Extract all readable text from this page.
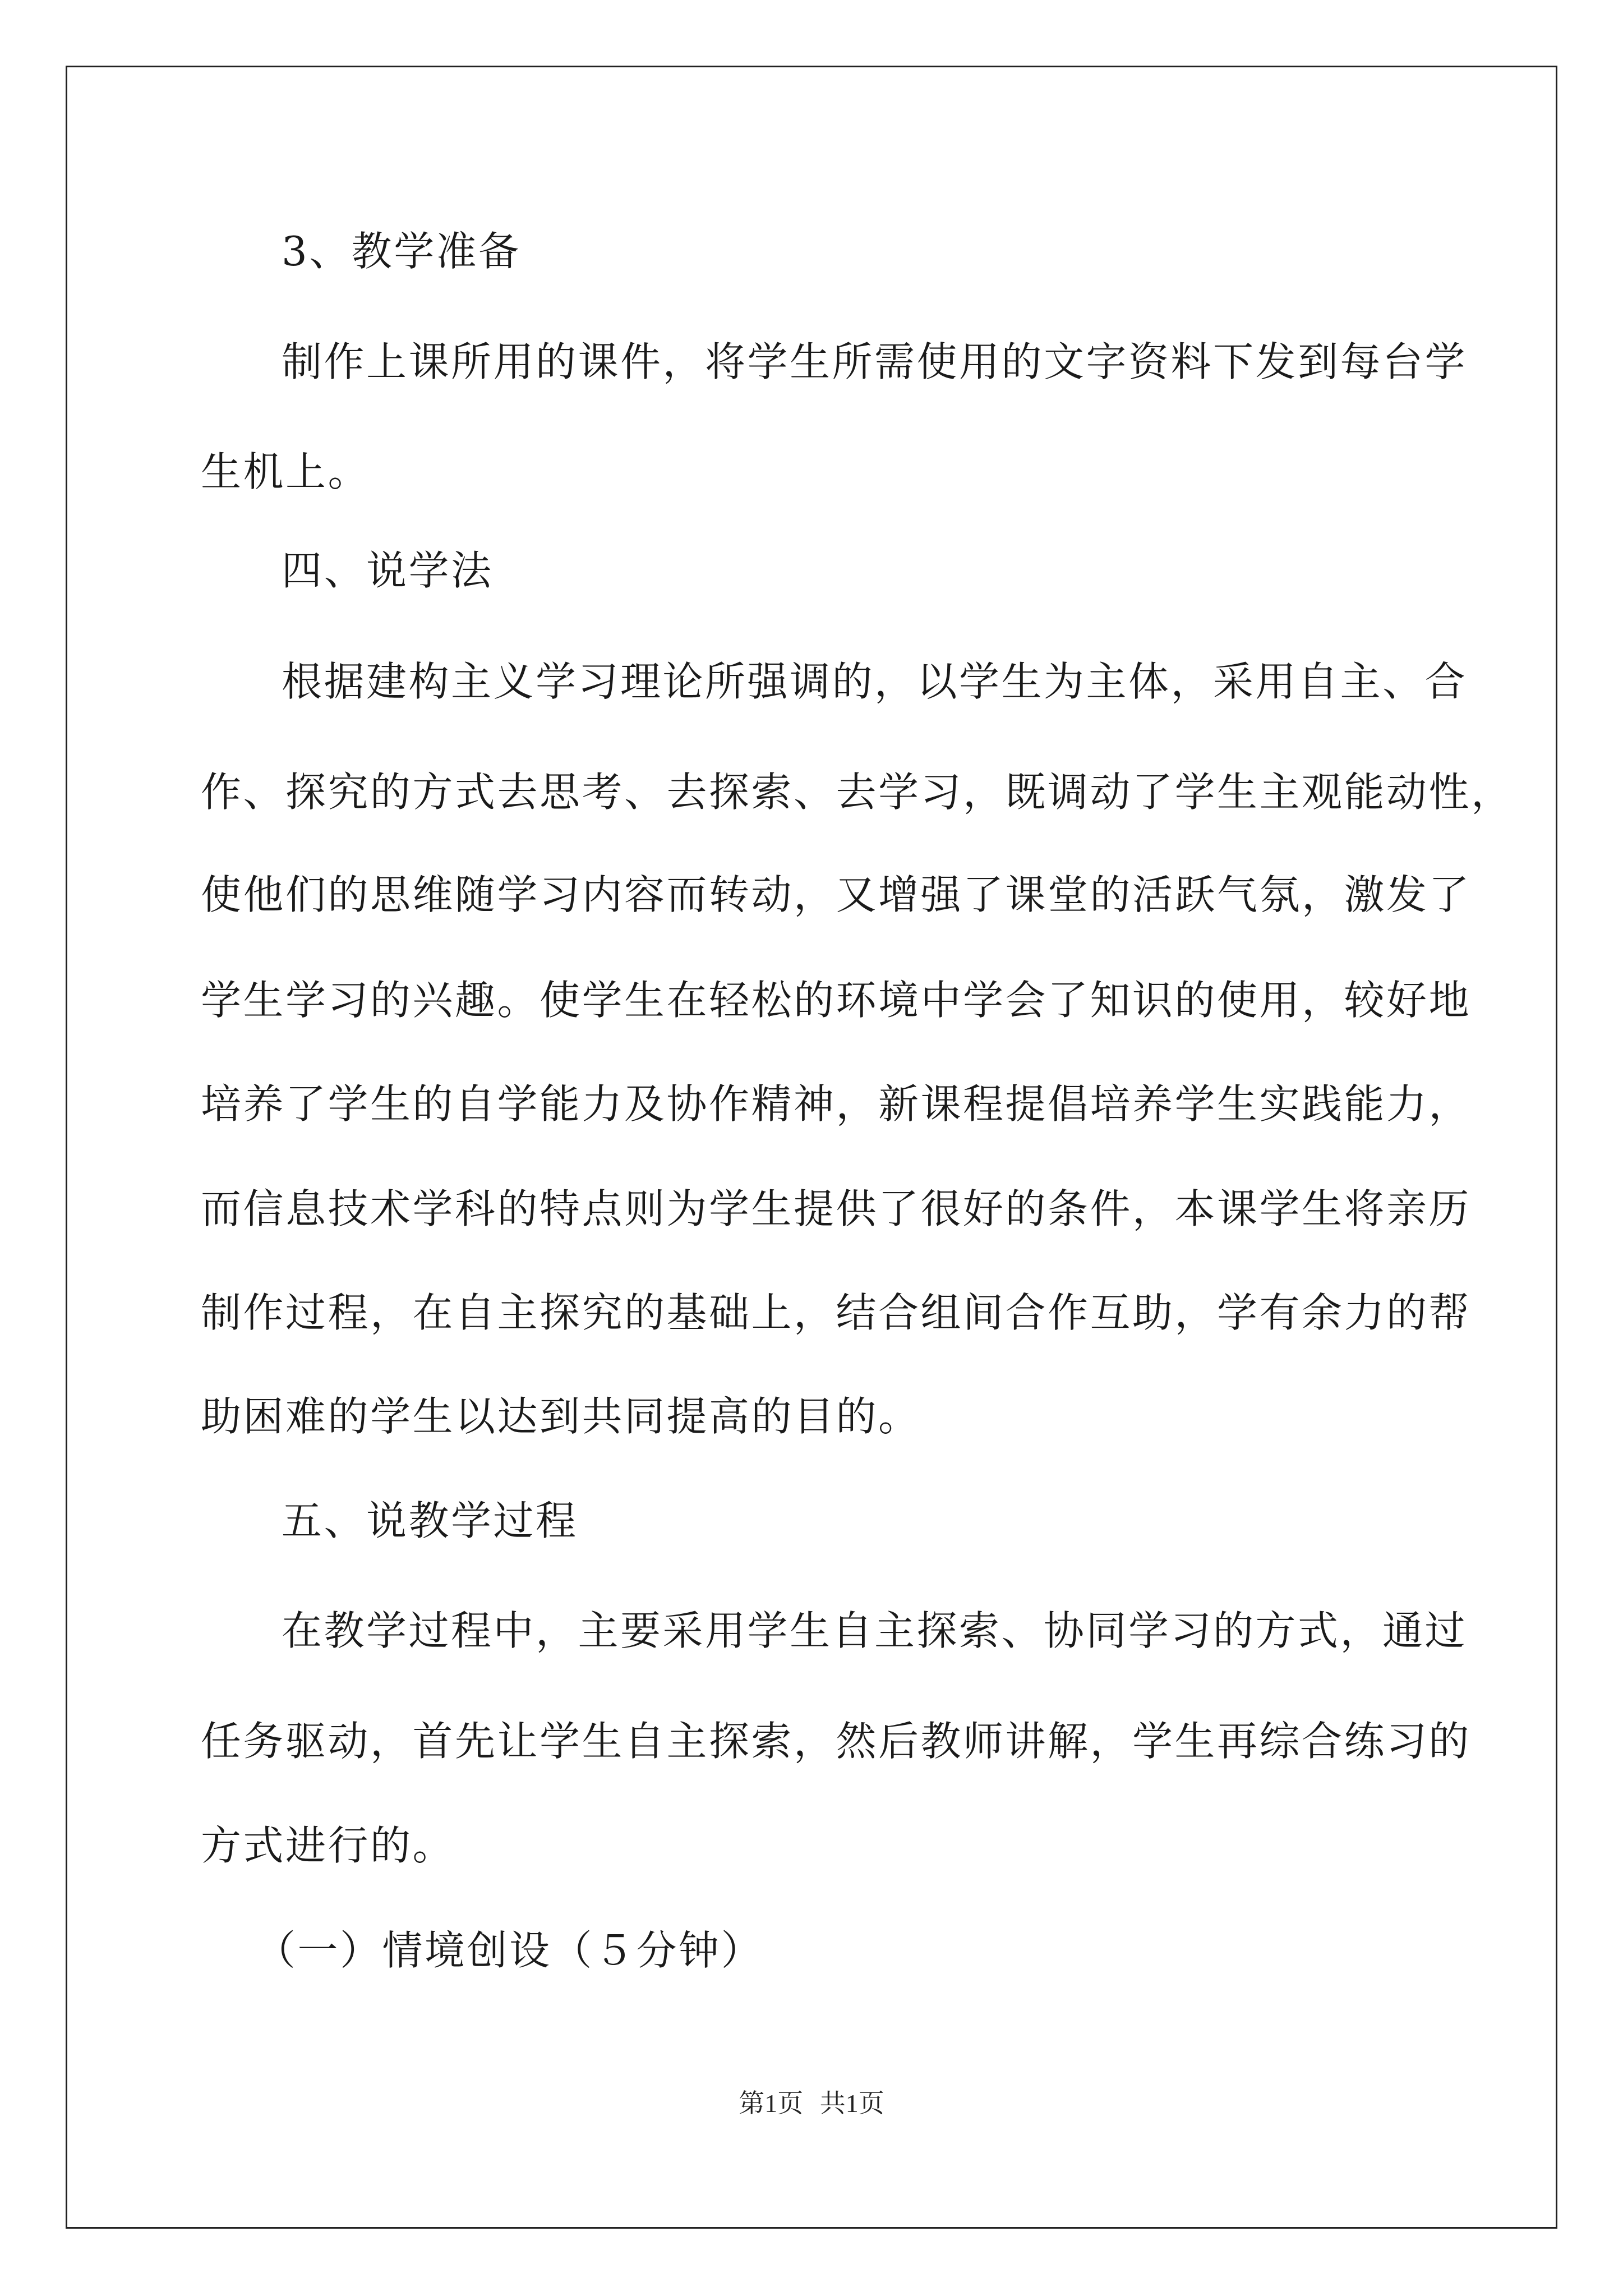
3、教学准备
制作上课所用的课件，将学生所需使用的文字资料下发到每台学
生机上。
四、说学法
根据建构主义学习理论所强调的，以学生为主体，采用自主、合
作、探究的方式去思考、去探索、去学习，既调动了学生主观能动性，
使他们的思维随学习内容而转动，又增强了课堂的活跃气氛，激发了
学生学习的兴趣。使学生在轻松的环境中学会了知识的使用，较好地
培养了学生的自学能力及协作精神，新课程提倡培养学生实践能力，
而信息技术学科的特点则为学生提供了很好的条件，本课学生将亲历
制作过程，在自主探究的基础上，结合组间合作互助，学有余力的帮
助困难的学生以达到共同提高的目的。
五、说教学过程
在教学过程中，主要采用学生自主探索、协同学习的方式，通过
任务驱动，首先让学生自主探索，然后教师讲解，学生再综合练习的
方式进行的。
（一）情境创设（５分钟）
第1页 共1页
